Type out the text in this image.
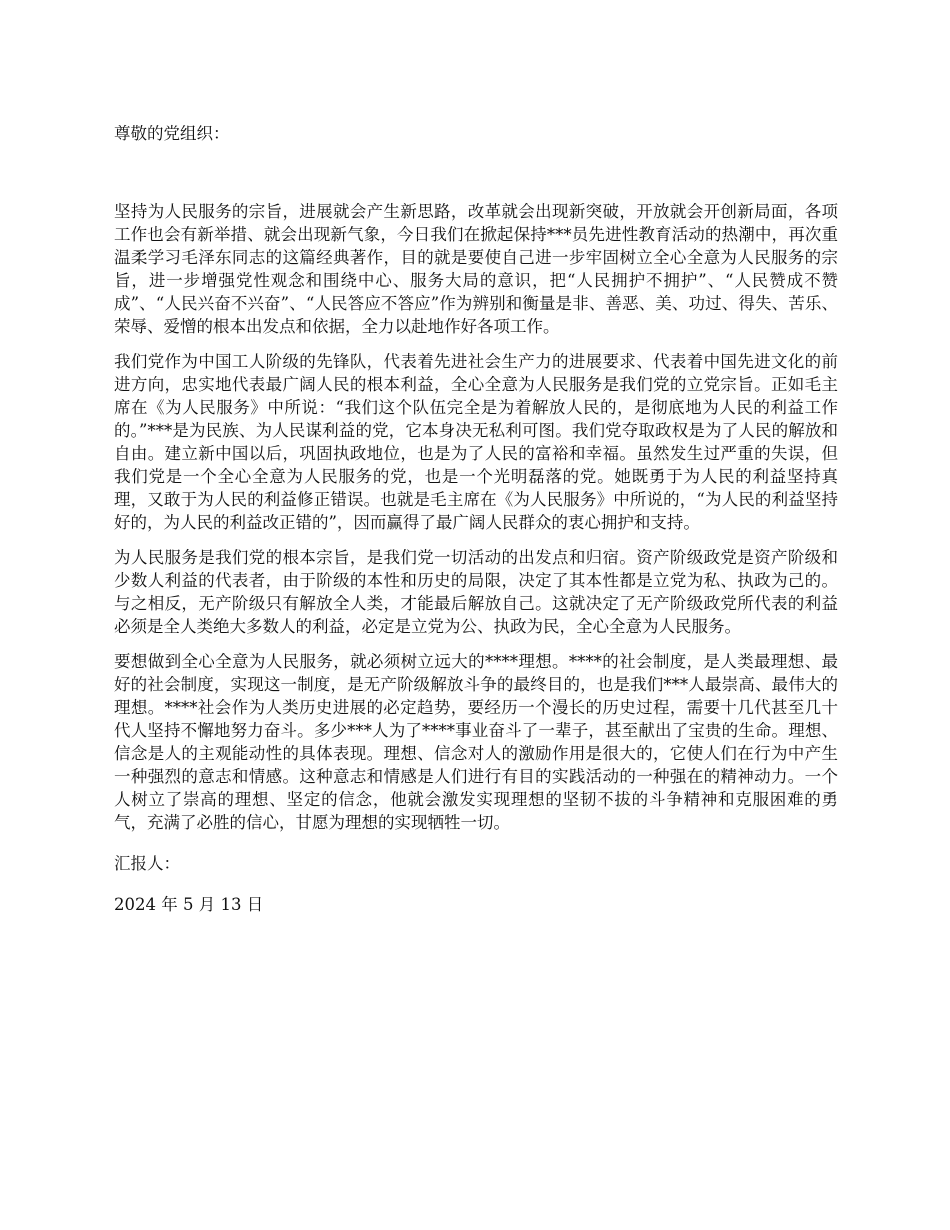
尊敬的党组织：

坚持为人民服务的宗旨，进展就会产生新思路，改革就会出现新突破，开放就会开创新局面，各项工作也会有新举措、就会出现新气象，今日我们在掀起保持***员先进性教育活动的热潮中，再次重温柔学习毛泽东同志的这篇经典著作，目的就是要使自己进一步牢固树立全心全意为人民服务的宗旨，进一步增强党性观念和围绕中心、服务大局的意识，把“人民拥护不拥护”、“人民赞成不赞成”、“人民兴奋不兴奋”、“人民答应不答应”作为辨别和衡量是非、善恶、美、功过、得失、苦乐、荣辱、爱憎的根本出发点和依据，全力以赴地作好各项工作。

我们党作为中国工人阶级的先锋队，代表着先进社会生产力的进展要求、代表着中国先进文化的前进方向，忠实地代表最广阔人民的根本利益，全心全意为人民服务是我们党的立党宗旨。正如毛主席在《为人民服务》中所说：“我们这个队伍完全是为着解放人民的，是彻底地为人民的利益工作的。”***是为民族、为人民谋利益的党，它本身决无私利可图。我们党夺取政权是为了人民的解放和自由。建立新中国以后，巩固执政地位，也是为了人民的富裕和幸福。虽然发生过严重的失误，但我们党是一个全心全意为人民服务的党，也是一个光明磊落的党。她既勇于为人民的利益坚持真理，又敢于为人民的利益修正错误。也就是毛主席在《为人民服务》中所说的，“为人民的利益坚持好的，为人民的利益改正错的”，因而赢得了最广阔人民群众的衷心拥护和支持。

为人民服务是我们党的根本宗旨，是我们党一切活动的出发点和归宿。资产阶级政党是资产阶级和少数人利益的代表者，由于阶级的本性和历史的局限，决定了其本性都是立党为私、执政为己的。与之相反，无产阶级只有解放全人类，才能最后解放自己。这就决定了无产阶级政党所代表的利益必须是全人类绝大多数人的利益，必定是立党为公、执政为民，全心全意为人民服务。

要想做到全心全意为人民服务，就必须树立远大的****理想。****的社会制度，是人类最理想、最好的社会制度，实现这一制度，是无产阶级解放斗争的最终目的，也是我们***人最崇高、最伟大的理想。****社会作为人类历史进展的必定趋势，要经历一个漫长的历史过程，需要十几代甚至几十代人坚持不懈地努力奋斗。多少***人为了****事业奋斗了一辈子，甚至献出了宝贵的生命。理想、信念是人的主观能动性的具体表现。理想、信念对人的激励作用是很大的，它使人们在行为中产生一种强烈的意志和情感。这种意志和情感是人们进行有目的实践活动的一种强在的精神动力。一个人树立了崇高的理想、坚定的信念，他就会激发实现理想的坚韧不拔的斗争精神和克服困难的勇气，充满了必胜的信心，甘愿为理想的实现牺牲一切。

汇报人：

2024 年 5 月 13 日
